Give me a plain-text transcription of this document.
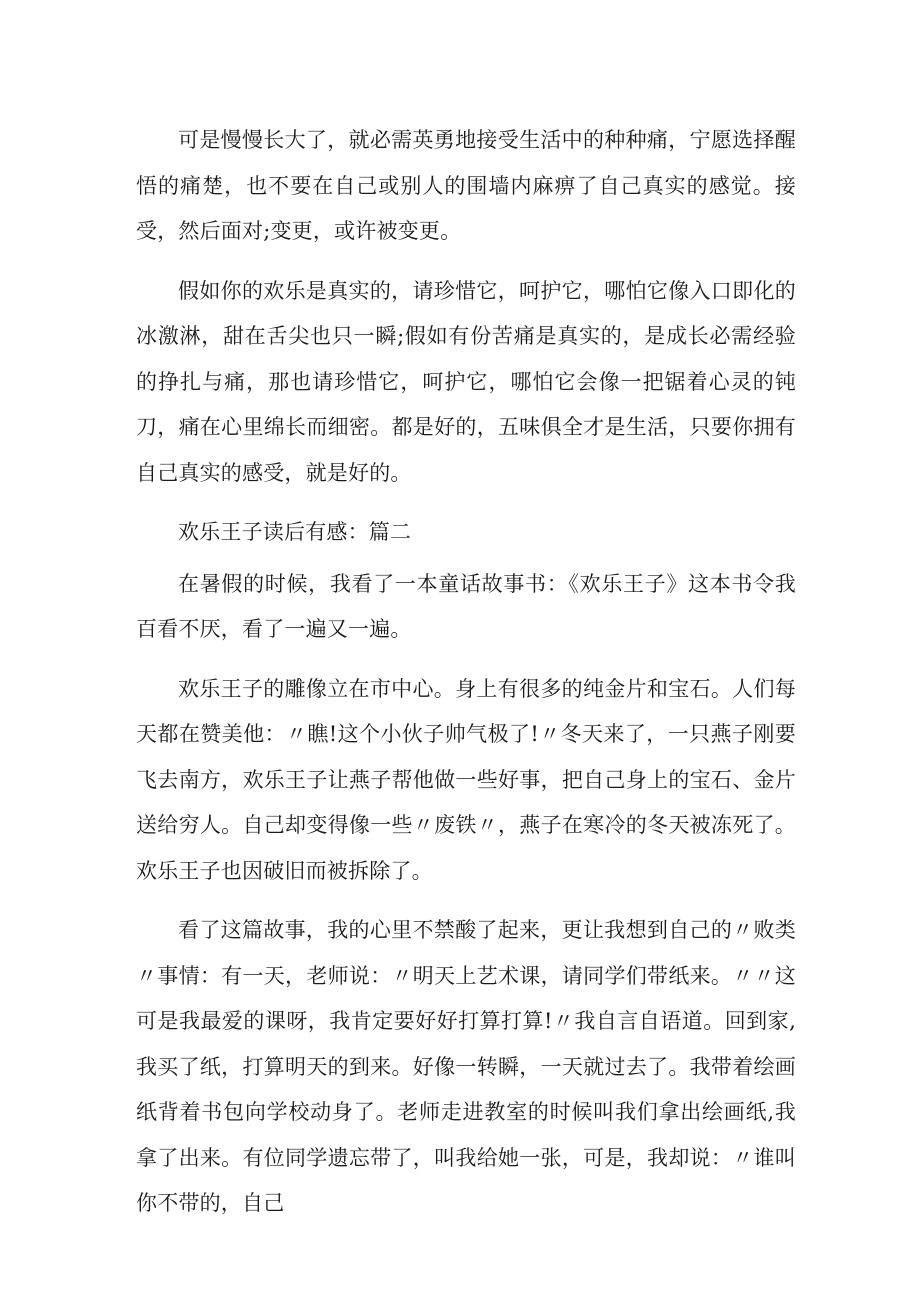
可是慢慢长大了，就必需英勇地接受生活中的种种痛，宁愿选择醒悟的痛楚，也不要在自己或别人的围墙内麻痹了自己真实的感觉。接受，然后面对;变更，或许被变更。

假如你的欢乐是真实的，请珍惜它，呵护它，哪怕它像入口即化的冰激淋，甜在舌尖也只一瞬;假如有份苦痛是真实的，是成长必需经验的挣扎与痛，那也请珍惜它，呵护它，哪怕它会像一把锯着心灵的钝刀，痛在心里绵长而细密。都是好的，五味俱全才是生活，只要你拥有自己真实的感受，就是好的。

欢乐王子读后有感：篇二

在暑假的时候，我看了一本童话故事书：《欢乐王子》这本书令我百看不厌，看了一遍又一遍。

欢乐王子的雕像立在市中心。身上有很多的纯金片和宝石。人们每天都在赞美他：〃瞧!这个小伙子帅气极了!〃冬天来了，一只燕子刚要飞去南方，欢乐王子让燕子帮他做一些好事，把自己身上的宝石、金片送给穷人。自己却变得像一些〃废铁〃，燕子在寒冷的冬天被冻死了。欢乐王子也因破旧而被拆除了。

看了这篇故事，我的心里不禁酸了起来，更让我想到自己的〃败类〃事情：有一天，老师说：〃明天上艺术课，请同学们带纸来。〃〃这可是我最爱的课呀，我肯定要好好打算打算!〃我自言自语道。回到家,我买了纸，打算明天的到来。好像一转瞬，一天就过去了。我带着绘画纸背着书包向学校动身了。老师走进教室的时候叫我们拿出绘画纸,我拿了出来。有位同学遗忘带了，叫我给她一张，可是，我却说：〃谁叫你不带的，自己
